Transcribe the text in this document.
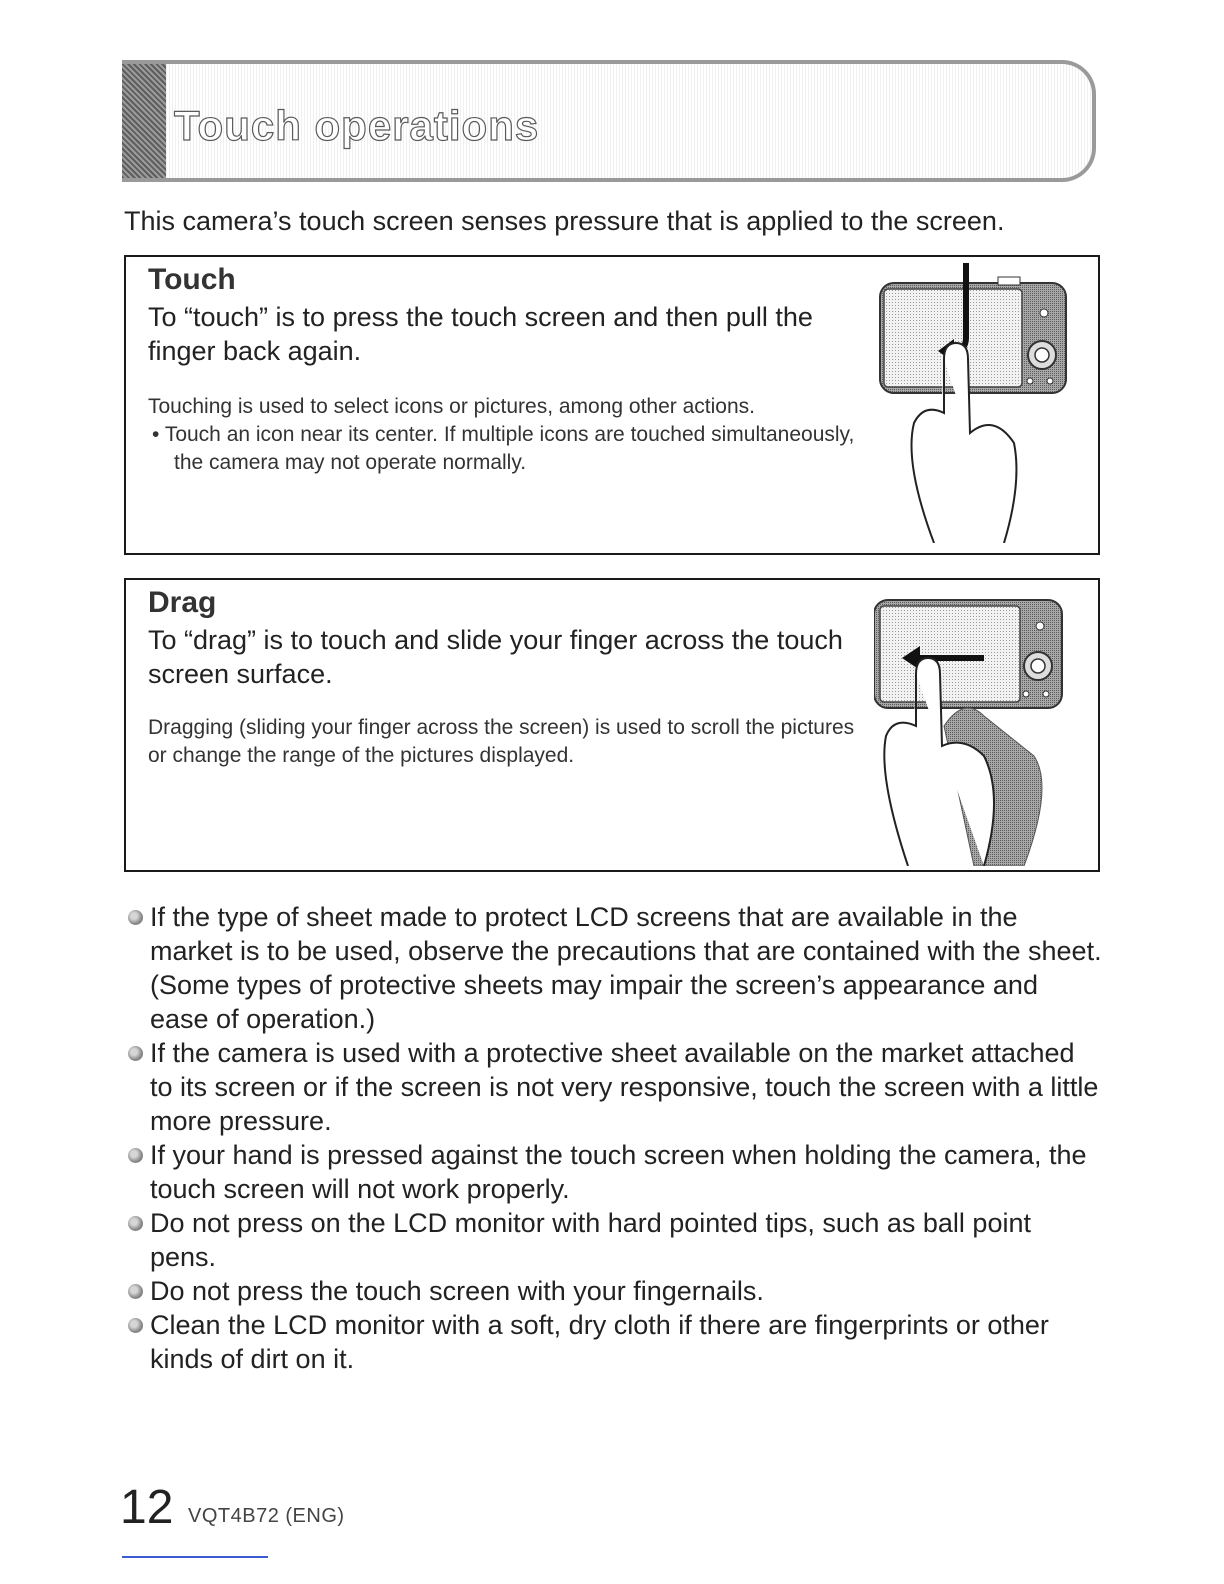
Touch operations
This camera’s touch screen senses pressure that is applied to the screen.
Touch
To “touch” is to press the touch screen and then pull the finger back again.
Touching is used to select icons or pictures, among other actions.
• Touch an icon near its center. If multiple icons are touched simultaneously, the camera may not operate normally.
Drag
To “drag” is to touch and slide your finger across the touch screen surface.
Dragging (sliding your finger across the screen) is used to scroll the pictures or change the range of the pictures displayed.
If the type of sheet made to protect LCD screens that are available in the market is to be used, observe the precautions that are contained with the sheet. (Some types of protective sheets may impair the screen’s appearance and ease of operation.)
If the camera is used with a protective sheet available on the market attached to its screen or if the screen is not very responsive, touch the screen with a little more pressure.
If your hand is pressed against the touch screen when holding the camera, the touch screen will not work properly.
Do not press on the LCD monitor with hard pointed tips, such as ball point pens.
Do not press the touch screen with your fingernails.
Clean the LCD monitor with a soft, dry cloth if there are fingerprints or other kinds of dirt on it.
12 VQT4B72 (ENG)
